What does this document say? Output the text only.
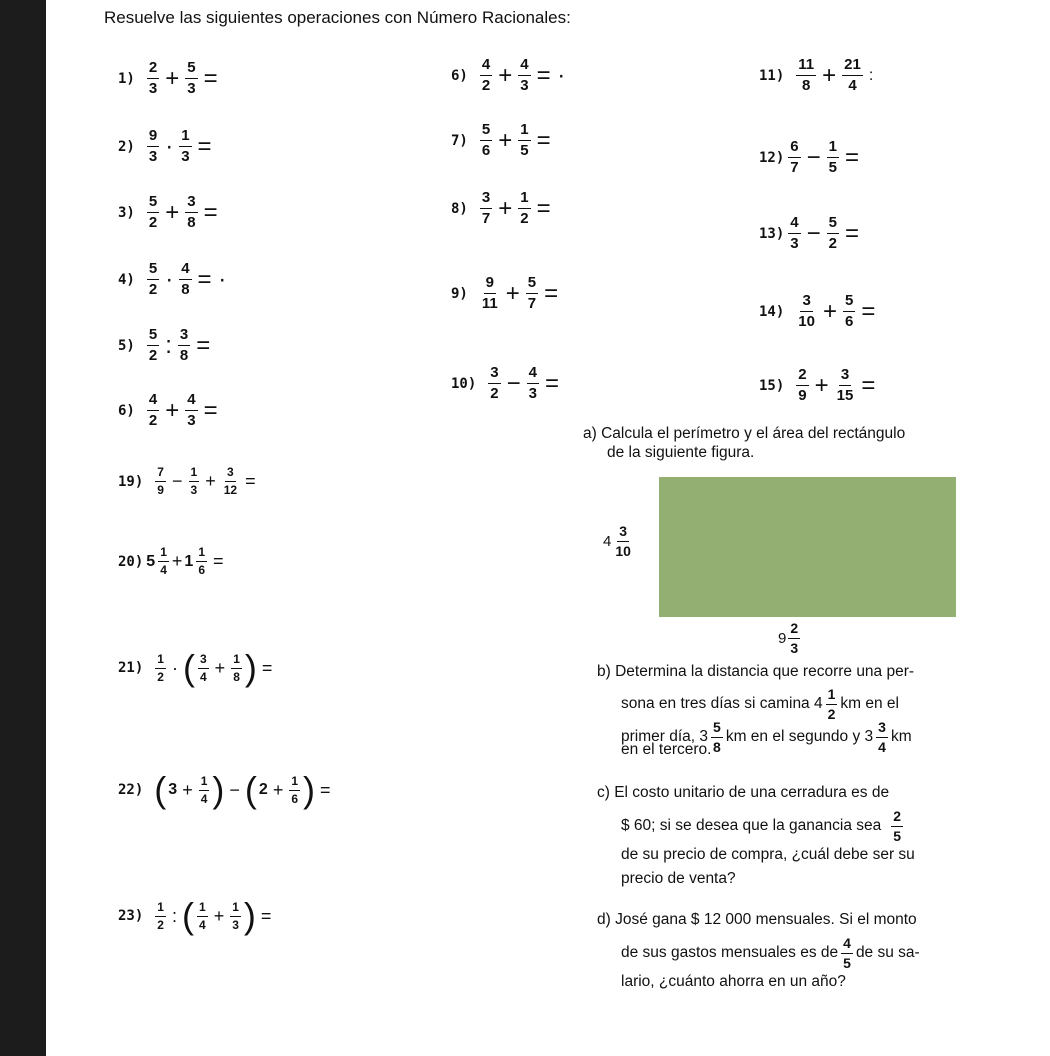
Resuelve las siguientes operaciones con Número Racionales:
1)
2
$3 + \frac{5}{3}$ =
2)
9
$3 \cdot \frac{1}{3}$ =
3)
5
$2 + \frac{3}{8}$ =
4)
5
$2 \cdot \frac{4}{8}$ = ·
5)
5
2 : $\frac{3}{8}$ =
6)
4
$2 + \frac{4}{3}$ =
6)
4
$2 + \frac{4}{3}$ = ·
7)
5
$6 + \frac{1}{5}$ =
8)
3
$7 + \frac{1}{2}$ =
9)
9
$11 + \frac{5}{7}$ =
10)
3
$2 - \frac{4}{3}$ =
11)
11
$8 + \frac{21}{4}$ :
12)
6
$7 - \frac{1}{5}$ =
13)
4
$3 - \frac{5}{2}$ =
14)
3
$10 + \frac{5}{6}$ =
15)
2
$9 + \frac{3}{15}$ =
19)
7
$9 - \frac{1}{3} + \frac{3}{12}$ =
20) 5
1
$4 + 1 \frac{1}{6}$ =
21)
1
2 · ( 3
$4 + \frac{1}{8}$ ) =
22) ( $3 + \frac{1}{4}$ ) − ( $2 + \frac{1}{6}$ ) =
23)
1
2 : ( 1
$4 + \frac{1}{3}$ ) =
a) Calcula el perímetro y el área del rectángulo
de la siguiente figura.
4
3
10
9
2
3
b) Determina la distancia que recorre una per-
sona en tres días si camina 4
1
2
km en el
primer día, 3
5
8
km en el segundo y 3
3
4
km
en el tercero.
c) El costo unitario de una cerradura es de
$ 60; si se desea que la ganancia sea
2
5
de su precio de compra, ¿cuál debe ser su
precio de venta?
d) José gana $ 12 000 mensuales. Si el monto
de sus gastos mensuales es de
4
5
de su sa-
lario, ¿cuánto ahorra en un año?
